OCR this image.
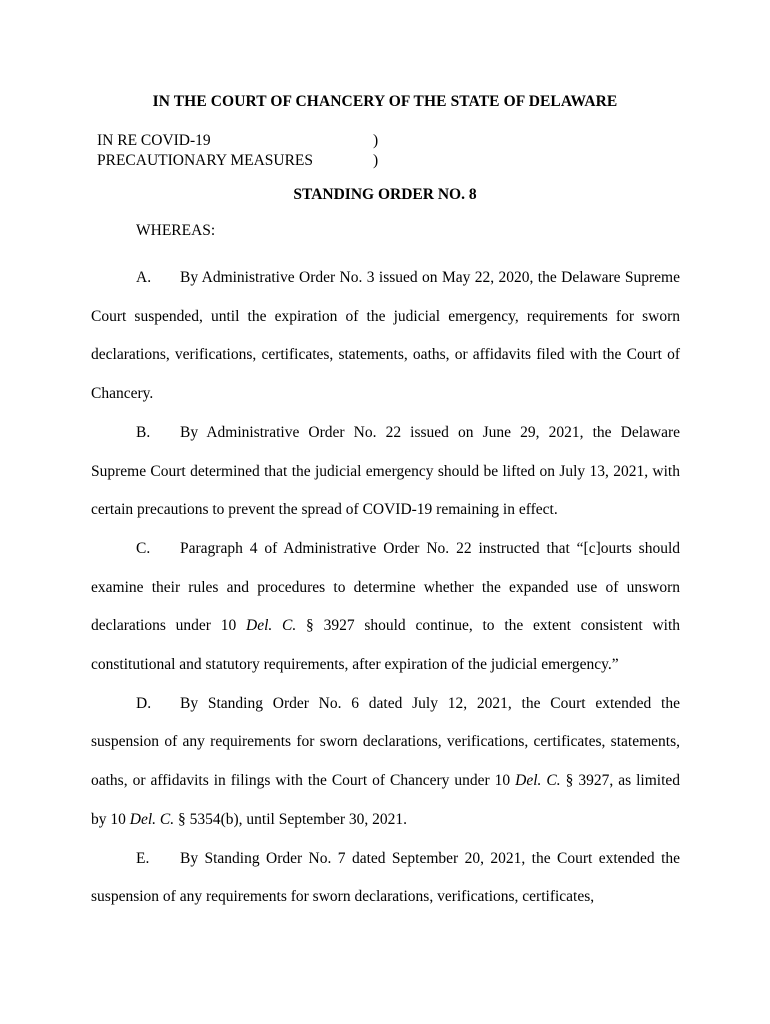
IN THE COURT OF CHANCERY OF THE STATE OF DELAWARE
IN RE COVID-19
PRECAUTIONARY MEASURES
)
)
STANDING ORDER NO. 8
WHEREAS:

A. By Administrative Order No. 3 issued on May 22, 2020, the Delaware Supreme Court suspended, until the expiration of the judicial emergency, requirements for sworn declarations, verifications, certificates, statements, oaths, or affidavits filed with the Court of Chancery.

B. By Administrative Order No. 22 issued on June 29, 2021, the Delaware Supreme Court determined that the judicial emergency should be lifted on July 13, 2021, with certain precautions to prevent the spread of COVID-19 remaining in effect.

C. Paragraph 4 of Administrative Order No. 22 instructed that “[c]ourts should examine their rules and procedures to determine whether the expanded use of unsworn declarations under 10 Del. C. § 3927 should continue, to the extent consistent with constitutional and statutory requirements, after expiration of the judicial emergency.”

D. By Standing Order No. 6 dated July 12, 2021, the Court extended the suspension of any requirements for sworn declarations, verifications, certificates, statements, oaths, or affidavits in filings with the Court of Chancery under 10 Del. C. § 3927, as limited by 10 Del. C. § 5354(b), until September 30, 2021.

E. By Standing Order No. 7 dated September 20, 2021, the Court extended the suspension of any requirements for sworn declarations, verifications, certificates,
